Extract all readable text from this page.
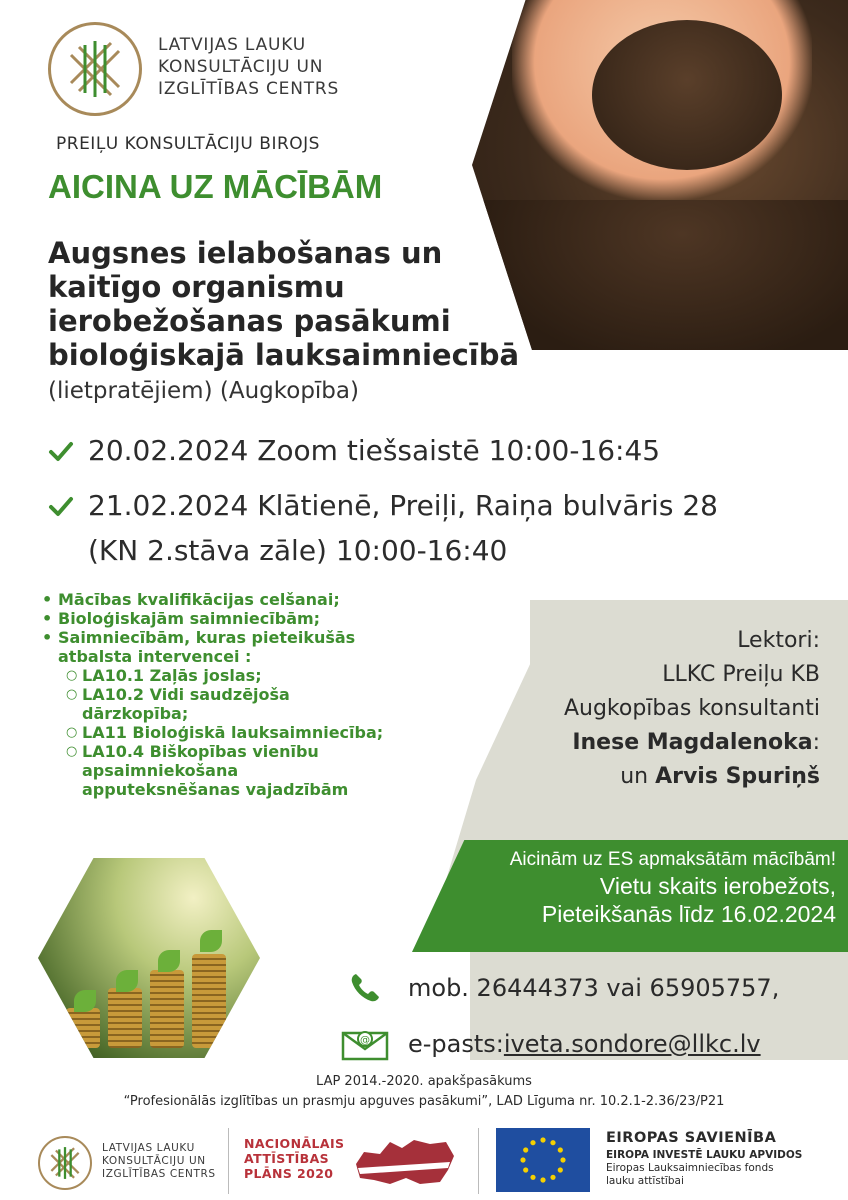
LATVIJAS LAUKU
KONSULTĀCIJU UN
IZGLĪTĪBAS CENTRS
PREIĻU KONSULTĀCIJU BIROJS
AICINA UZ MĀCĪBĀM
Augsnes ielabošanas un
kaitīgo organismu
ierobežošanas pasākumi
bioloģiskajā lauksaimniecībā
(lietpratējiem) (Augkopība)
20.02.2024 Zoom tiešsaistē 10:00-16:45
21.02.2024 Klātienē, Preiļi, Raiņa bulvāris 28
(KN 2.stāva zāle) 10:00-16:40
• Mācības kvalifikācijas celšanai;
• Bioloģiskajām saimniecībām;
• Saimniecībām, kuras pieteikušās
atbalsta intervencei :
○ LA10.1 Zaļās joslas;
○ LA10.2 Vidi saudzējoša
dārzkopība;
○ LA11 Bioloģiskā lauksaimniecība;
○ LA10.4 Biškopības vienību
apsaimniekošana
apputeksnēšanas vajadzībām
Lektori:
LLKC Preiļu KB
Augkopības konsultanti
Inese Magdalenoka:
un Arvis Spuriņš
Aicinām uz ES apmaksātām mācībām!
Vietu skaits ierobežots,
Pieteikšanās līdz 16.02.2024
mob. 26444373 vai 65905757,
@ e-pasts: iveta.sondore@llkc.lv
LAP 2014.-2020. apakšpasākums
“Profesionālās izglītības un prasmju apguves pasākumi”, LAD Līguma nr. 10.2.1-2.36/23/P21
LATVIJAS LAUKU
KONSULTĀCIJU UN
IZGLĪTĪBAS CENTRS
NACIONĀLAIS
ATTĪSTĪBAS
PLĀNS 2020
EIROPAS SAVIENĪBA
EIROPA INVESTĒ LAUKU APVIDOS
Eiropas Lauksaimniecības fonds
lauku attīstībai
